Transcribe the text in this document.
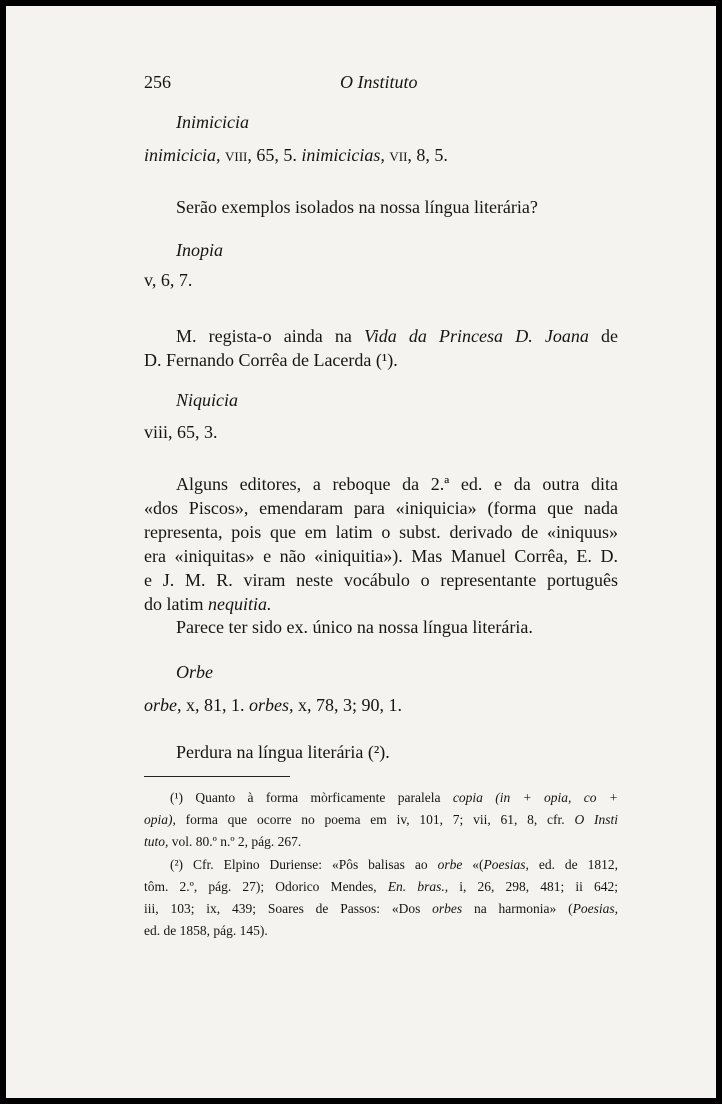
256	O Instituto
Inimicicia
inimicicia, viii, 65, 5. inimicicias, vii, 8, 5.
Serão exemplos isolados na nossa língua literária?
Inopia
v, 6, 7.
M. regista-o ainda na Vida da Princesa D. Joana de
D. Fernando Corrêa de Lacerda (¹).
Niquicia
viii, 65, 3.
Alguns editores, a reboque da 2.ª ed. e da outra dita
«dos Piscos», emendaram para «iniquicia» (forma que nada
representa, pois que em latim o subst. derivado de «iniquus»
era «iniquitas» e não «iniquitia»). Mas Manuel Corrêa, E. D.
e J. M. R. viram neste vocábulo o representante português
do latim nequitia.
Parece ter sido ex. único na nossa língua literária.
Orbe
orbe, x, 81, 1. orbes, x, 78, 3; 90, 1.
Perdura na língua literária (²).
(¹) Quanto à forma mòrficamente paralela copia (in + opia, co +
opia), forma que ocorre no poema em iv, 101, 7; vii, 61, 8, cfr. O Insti
tuto, vol. 80.º n.º 2, pág. 267.
(²) Cfr. Elpino Duriense: «Pôs balisas ao orbe «(Poesias, ed. de 1812,
tôm. 2.º, pág. 27); Odorico Mendes, En. bras., i, 26, 298, 481; ii 642;
iii, 103; ix, 439; Soares de Passos: «Dos orbes na harmonia» (Poesias,
ed. de 1858, pág. 145).
